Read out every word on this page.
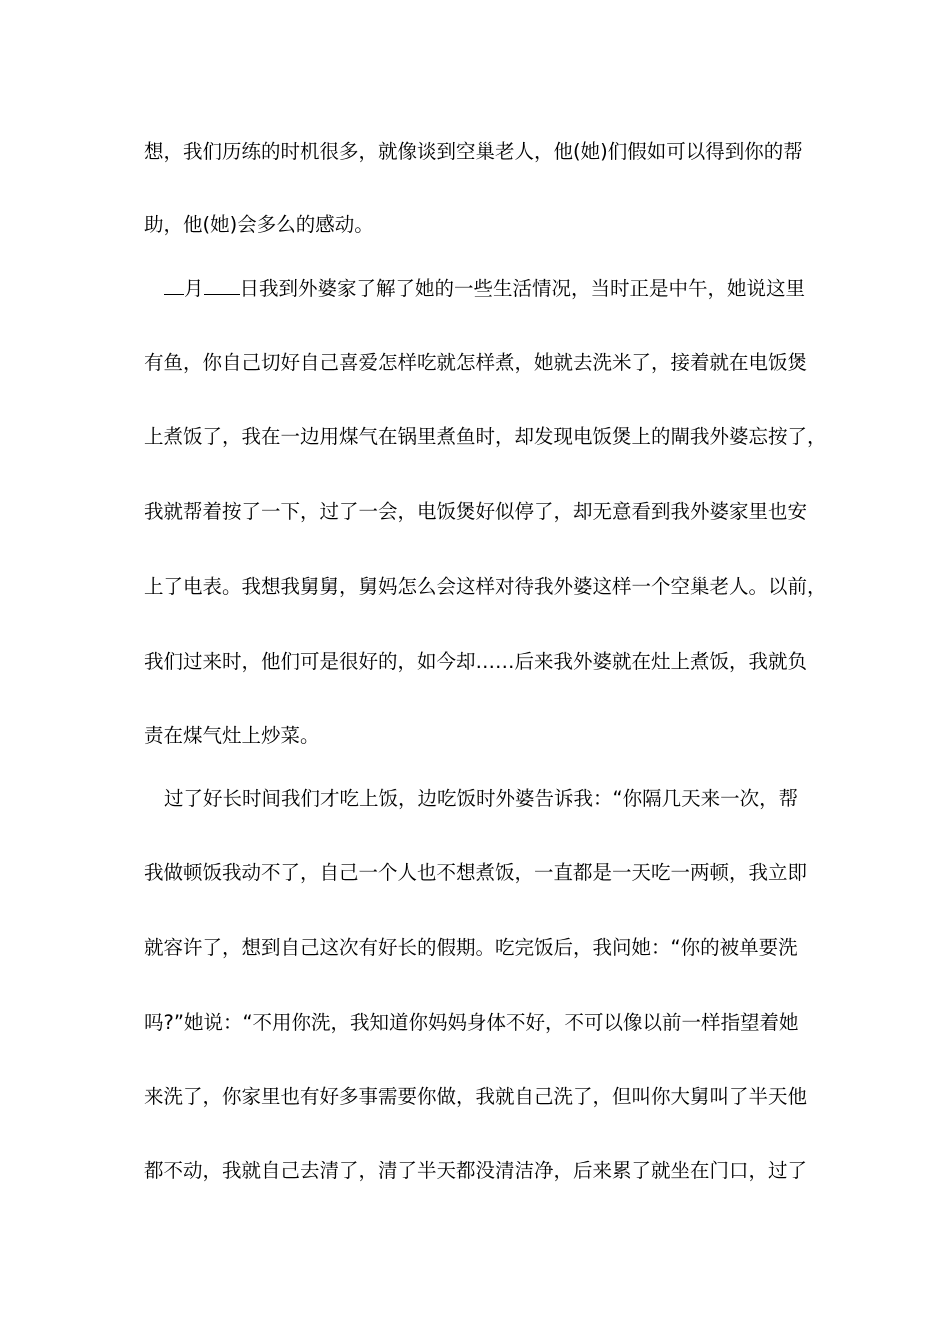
想，我们历练的时机很多，就像谈到空巢老人，他(她)们假如可以得到你的帮
助，他(她)会多么的感动。
月 日我到外婆家了解了她的一些生活情况，当时正是中午，她说这里
有鱼，你自己切好自己喜爱怎样吃就怎样煮，她就去洗米了，接着就在电饭煲
上煮饭了，我在一边用煤气在锅里煮鱼时，却发现电饭煲上的閘我外婆忘按了，
我就帮着按了一下，过了一会，电饭煲好似停了，却无意看到我外婆家里也安
上了电表。我想我舅舅，舅妈怎么会这样对待我外婆这样一个空巢老人。以前，
我们过来时，他们可是很好的，如今却……后来我外婆就在灶上煮饭，我就负
责在煤气灶上炒菜。
过了好长时间我们才吃上饭，边吃饭时外婆告诉我：“你隔几天来一次，帮
我做顿饭我动不了，自己一个人也不想煮饭，一直都是一天吃一两顿，我立即
就容许了，想到自己这次有好长的假期。吃完饭后，我问她：“你的被单要洗
吗?”她说：“不用你洗，我知道你妈妈身体不好，不可以像以前一样指望着她
来洗了，你家里也有好多事需要你做，我就自己洗了，但叫你大舅叫了半天他
都不动，我就自己去清了，清了半天都没清洁净，后来累了就坐在门口，过了
